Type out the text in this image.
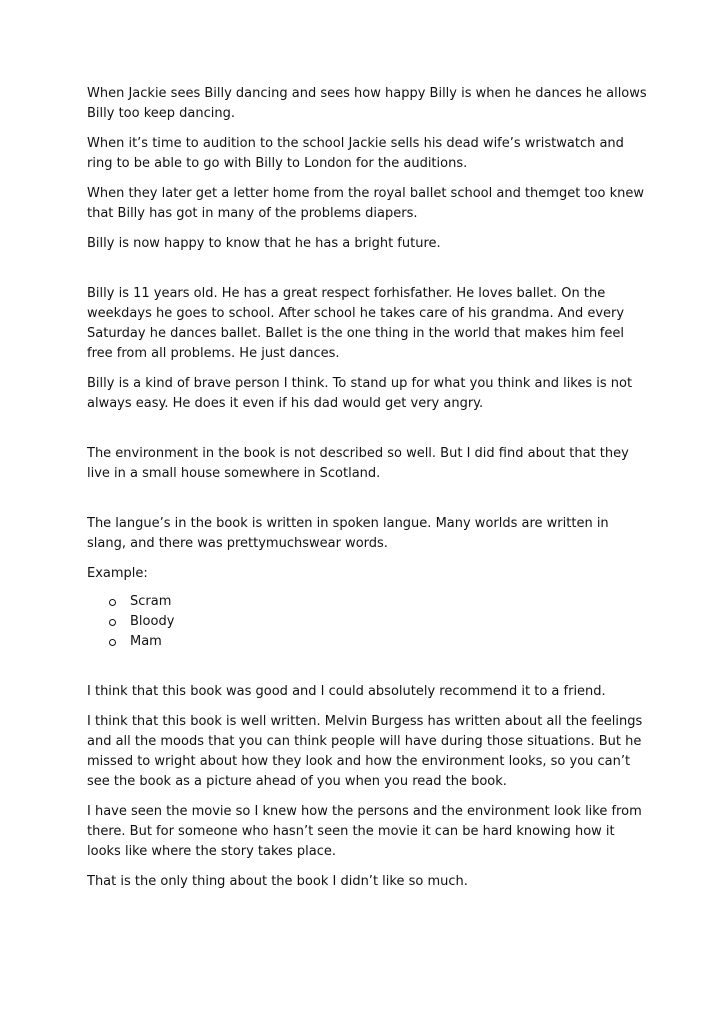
When Jackie sees Billy dancing and sees how happy Billy is when he dances he allows Billy too keep dancing.

When it’s time to audition to the school Jackie sells his dead wife’s wristwatch and ring to be able to go with Billy to London for the auditions.

When they later get a letter home from the royal ballet school and themget too knew that Billy has got in many of the problems diapers.

Billy is now happy to know that he has a bright future.

Billy is 11 years old. He has a great respect forhisfather. He loves ballet. On the weekdays he goes to school. After school he takes care of his grandma. And every Saturday he dances ballet. Ballet is the one thing in the world that makes him feel free from all problems. He just dances.

Billy is a kind of brave person I think. To stand up for what you think and likes is not always easy. He does it even if his dad would get very angry.

The environment in the book is not described so well. But I did find about that they live in a small house somewhere in Scotland.

The langue’s in the book is written in spoken langue. Many worlds are written in slang, and there was prettymuchswear words.

Example:

Scram
Bloody
Mam

I think that this book was good and I could absolutely recommend it to a friend.

I think that this book is well written. Melvin Burgess has written about all the feelings and all the moods that you can think people will have during those situations. But he missed to wright about how they look and how the environment looks, so you can’t see the book as a picture ahead of you when you read the book.

I have seen the movie so I knew how the persons and the environment look like from there. But for someone who hasn’t seen the movie it can be hard knowing how it looks like where the story takes place.

That is the only thing about the book I didn’t like so much.
